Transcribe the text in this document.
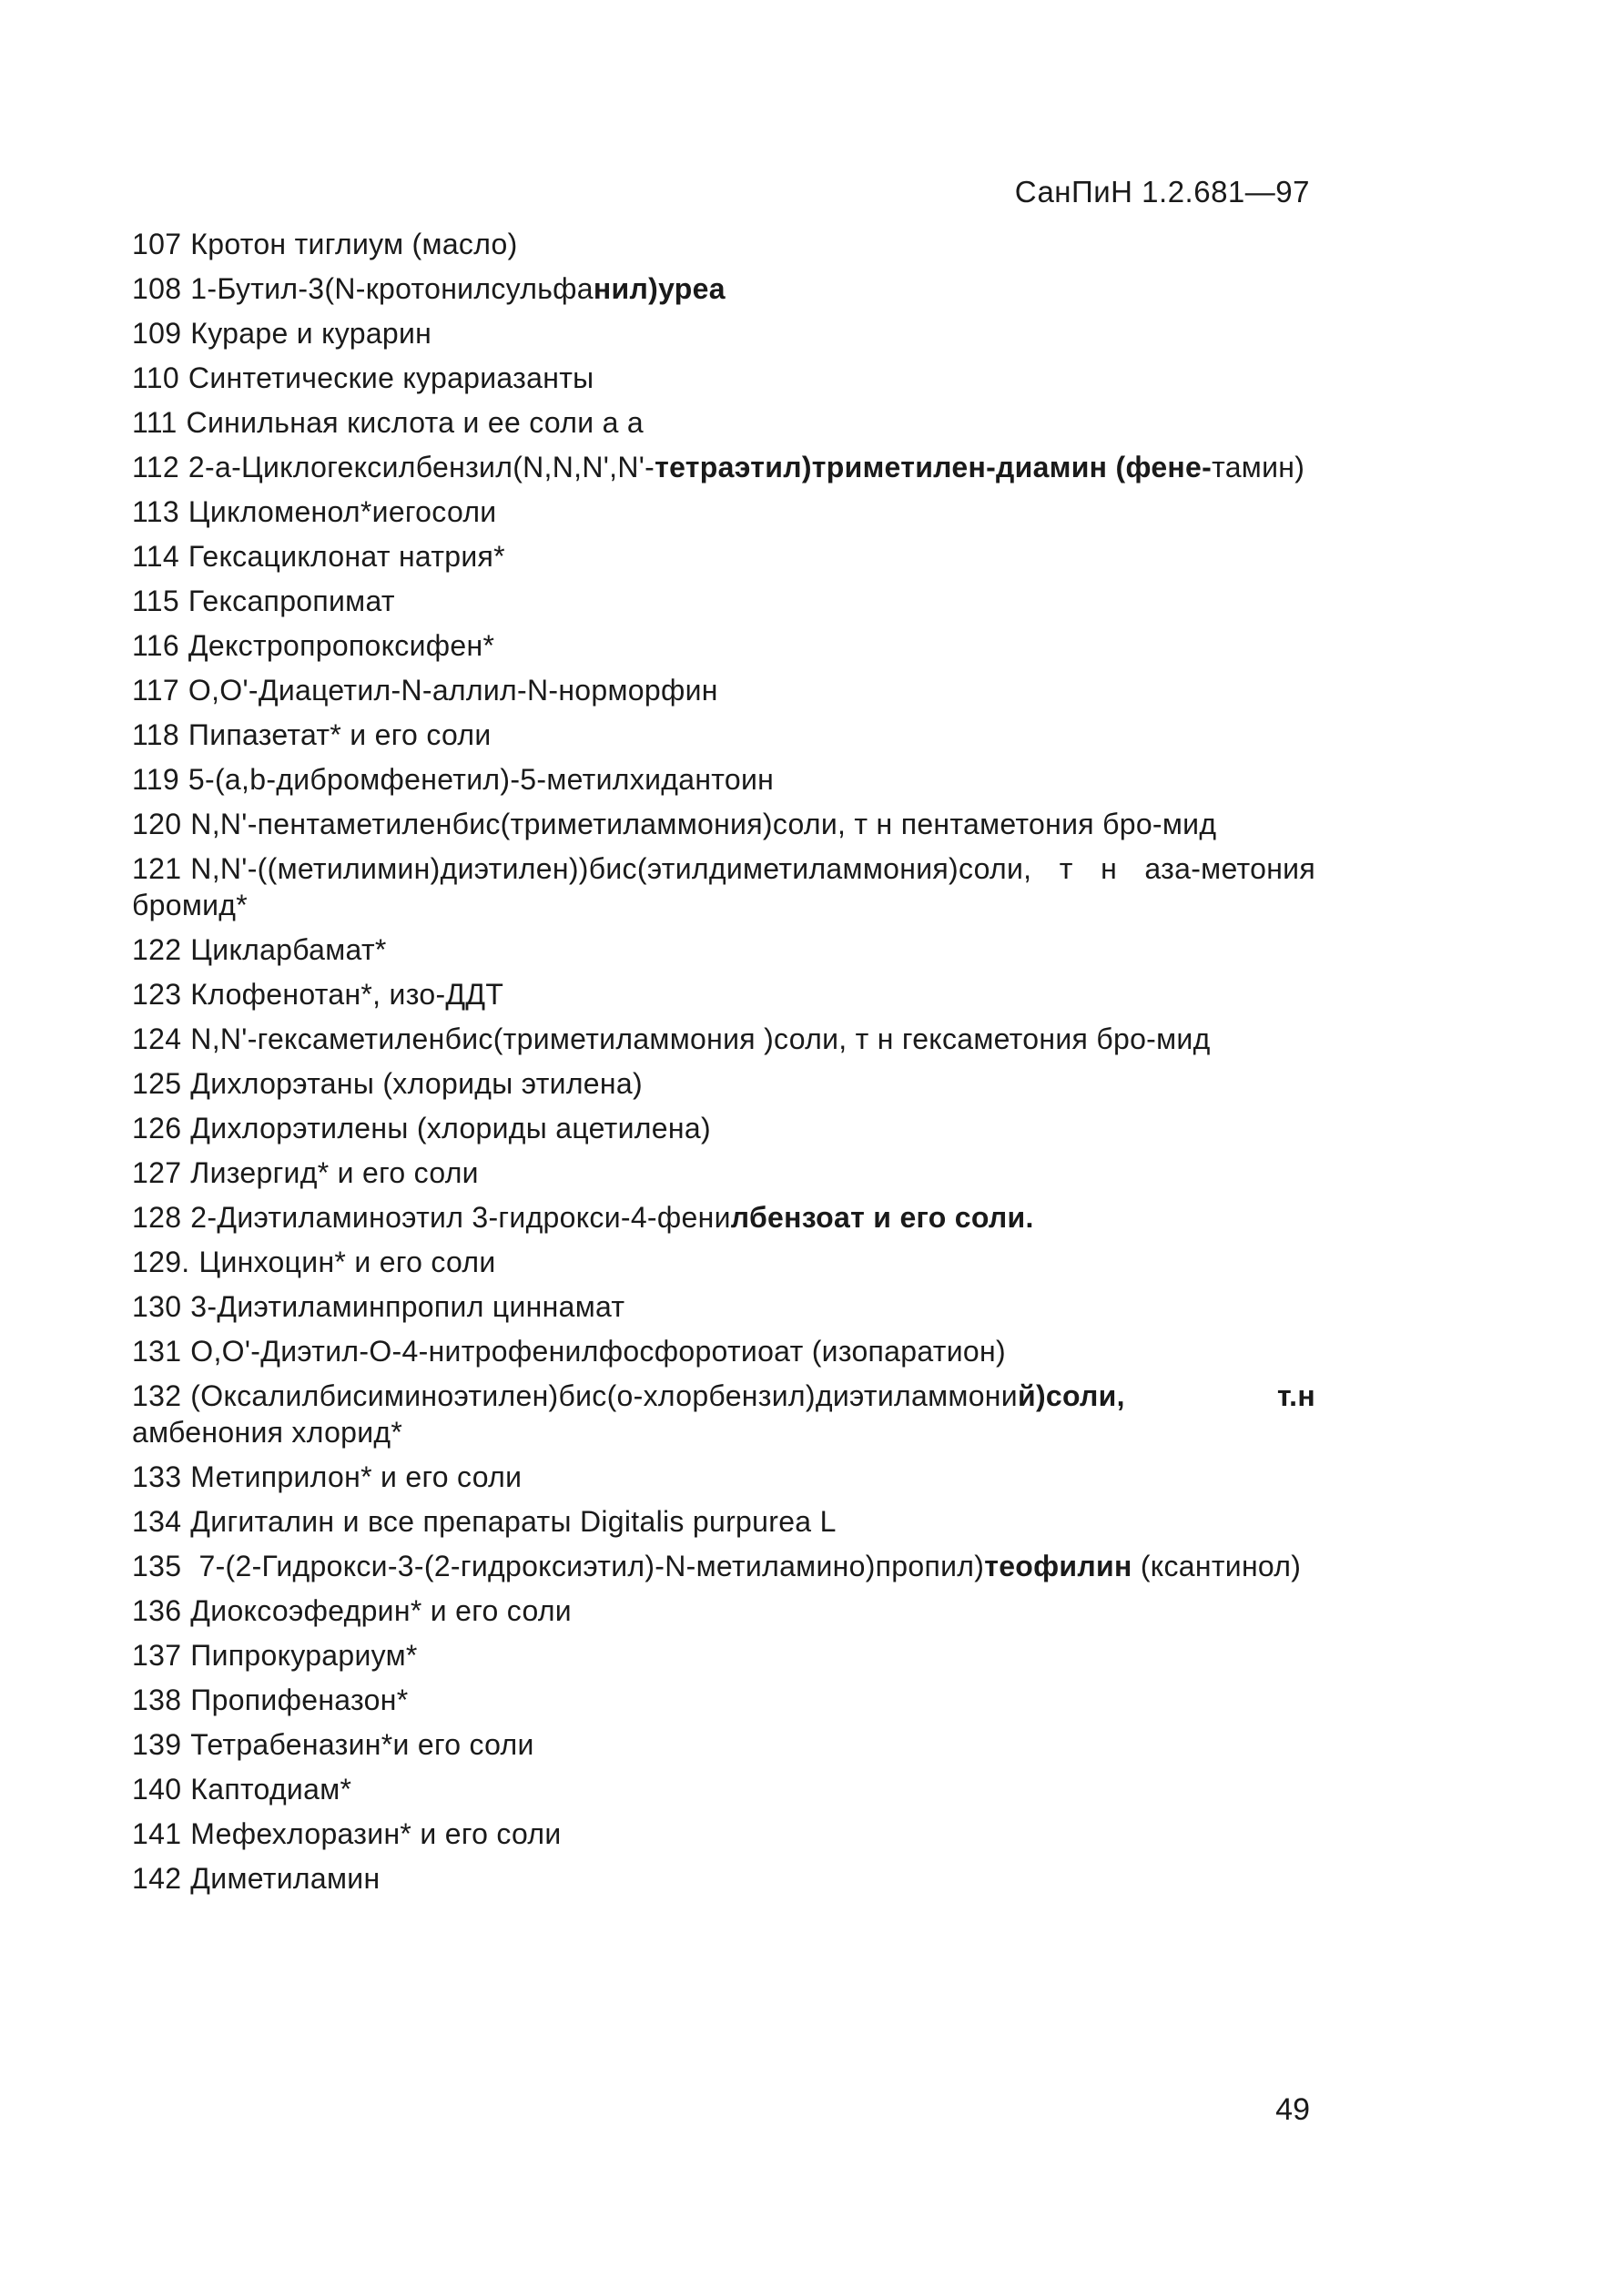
СанПиН 1.2.681—97
107 Кротон тиглиум (масло)
108 1-Бутил-3(N-кротонилсульфанил)уреа
109 Кураре и курарин
110 Синтетические курариазанты
111 Синильная кислота и ее соли а а
112 2-а-Циклогексилбензил(N,N,N',N'-тетраэтил)триметилен-диамин (фене-тамин)
113 Цикломенол*иегосоли
114 Гексациклонат натрия*
115 Гексапропимат
116 Декстропропоксифен*
117 О,О'-Диацетил-N-аллил-N-норморфин
118 Пипазетат* и его соли
119 5-(a,b-дибромфенетил)-5-метилхидантоин
120 N,N'-пентаметиленбис(триметиламмония)соли, т н пентаметония бро-мид
121 N,N'-((метилимин)диэтилен))бис(этилдиметиламмония)соли, т н аза-метония бромид*
122 Цикларбамат*
123 Клофенотан*, изо-ДДТ
124 N,N'-гексаметиленбис(триметиламмония )соли, т н гексаметония бро-мид
125 Дихлорэтаны (хлориды этилена)
126 Дихлорэтилены (хлориды ацетилена)
127 Лизергид* и его соли
128 2-Диэтиламиноэтил 3-гидрокси-4-фенилбензоат и его соли.
129. Цинхоцин* и его соли
130 3-Диэтиламинпропил циннамат
131 О,О'-Диэтил-О-4-нитрофенилфосфоротиоат (изопаратион)
132 (Оксалилбисиминоэтилен)бис(о-хлорбензил)диэтиламмоний)соли, т.н амбенония хлорид*
133 Метиприлон* и его соли
134 Дигиталин и все препараты Digitalis purpurea L
135 7-(2-Гидрокси-3-(2-гидроксиэтил)-N-метиламино)пропил)теофилин (ксантинол)
136 Диоксоэфедрин* и его соли
137 Пипрокурариум*
138 Пропифеназон*
139 Тетрабеназин*и его соли
140 Каптодиам*
141 Мефехлоразин* и его соли
142 Диметиламин
49
